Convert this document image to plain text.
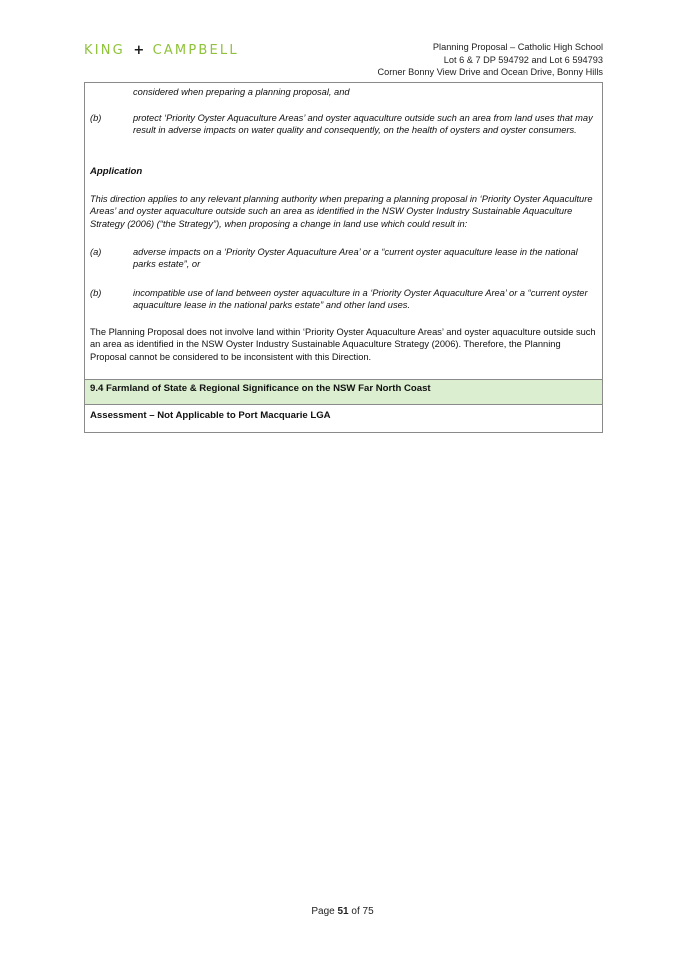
KING + CAMPBELL	Planning Proposal – Catholic High School
Lot 6 & 7 DP 594792 and Lot 6 594793
Corner Bonny View Drive and Ocean Drive, Bonny Hills
considered when preparing a planning proposal, and
(b)	protect ‘Priority Oyster Aquaculture Areas’ and oyster aquaculture outside such an area from land uses that may result in adverse impacts on water quality and consequently, on the health of oysters and oyster consumers.
Application
This direction applies to any relevant planning authority when preparing a planning proposal in ‘Priority Oyster Aquaculture Areas’ and oyster aquaculture outside such an area as identified in the NSW Oyster Industry Sustainable Aquaculture Strategy (2006) (“the Strategy”), when proposing a change in land use which could result in:
(a)	adverse impacts on a ‘Priority Oyster Aquaculture Area’ or a “current oyster aquaculture lease in the national parks estate”, or
(b)	incompatible use of land between oyster aquaculture in a ‘Priority Oyster Aquaculture Area’ or a “current oyster aquaculture lease in the national parks estate” and other land uses.
The Planning Proposal does not involve land within ‘Priority Oyster Aquaculture Areas’ and oyster aquaculture outside such an area as identified in the NSW Oyster Industry Sustainable Aquaculture Strategy (2006). Therefore, the Planning Proposal cannot be considered to be inconsistent with this Direction.
9.4 Farmland of State & Regional Significance on the NSW Far North Coast
Assessment – Not Applicable to Port Macquarie LGA
Page 51 of 75
